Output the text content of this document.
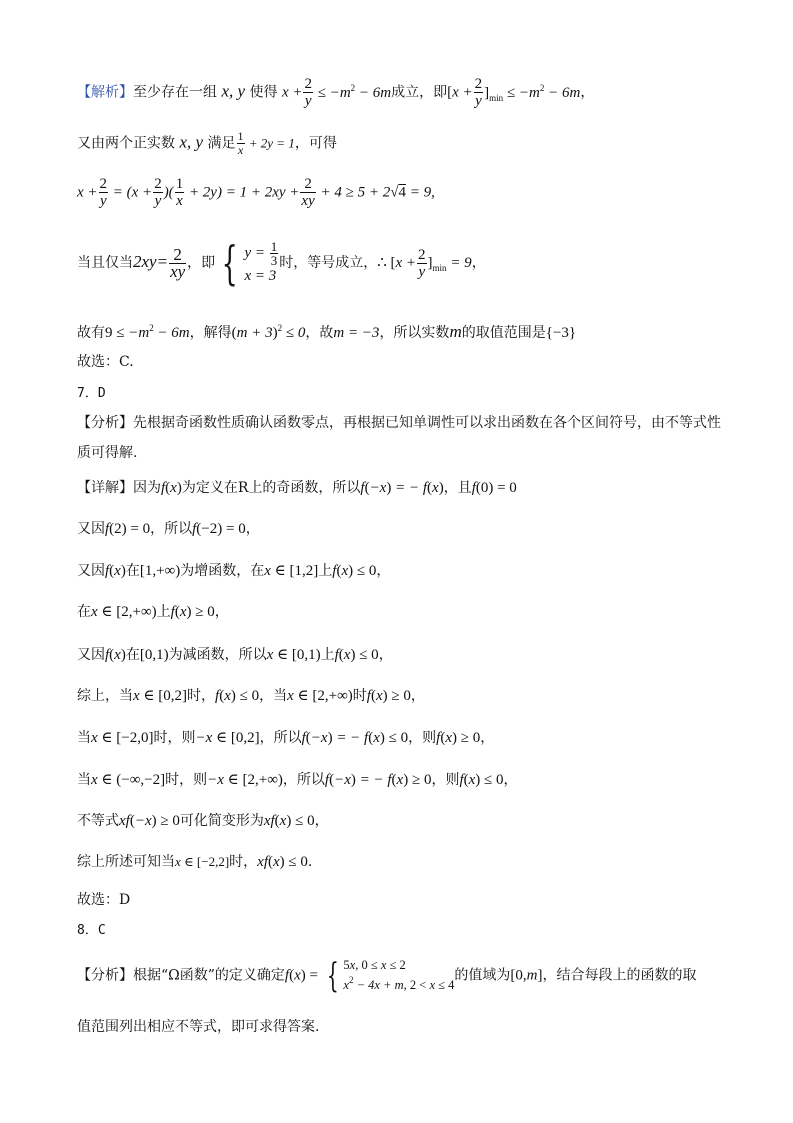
【解析】至少存在一组 x, y 使得 $x + \frac{2}{y} \le -m^2 - 6m$成立，即$[x + \frac{2}{y} ]_{min} \le -m^2 - 6m$，
又由两个正实数 x, y 满足 $\frac{1}{x} + 2y = 1$，可得
$x + \frac{2}{y} = (x + \frac{2}{y}$ )( $\frac{1}{x} + 2y) = 1 + 2xy + \frac{2}{xy} + 4 \ge 5 + 2√4 = 9$,
当且仅当$2xy= \frac{2}{xy}$ ，即 { $y = \frac{1}{3}$
x = 3
时，等号成立，∴ $[x + \frac{2}{y} ]_{min} = 9$，
故有$9 \le -m^2 - 6m$，解得$(m + 3)^2 \le 0$，故m = −3，所以实数m的取值范围是{−3}
故选：C.
7．D
【分析】先根据奇函数性质确认函数零点，再根据已知单调性可以求出函数在各个区间符号，由不等式性
质可得解.
【详解】因为f(x)为定义在R上的奇函数，所以f(−x) = − f(x)，且f(0) = 0
又因f(2) = 0，所以f(−2) = 0，
又因f(x)在[1,+∞)为增函数，在x ∈ [1,2]上f(x) ≤ 0，
在x ∈ [2,+∞)上f(x) ≥ 0，
又因f(x)在[0,1)为减函数，所以x ∈ [0,1)上f(x) ≤ 0，
综上，当x ∈ [0,2]时，f(x) ≤ 0，当x ∈ [2,+∞)时f(x) ≥ 0，
当x ∈ [−2,0]时，则−x ∈ [0,2]，所以f(−x) = − f(x) ≤ 0，则f(x) ≥ 0，
当x ∈ (−∞,−2]时，则−x ∈ [2,+∞)，所以f(−x) = − f(x) ≥ 0，则f(x) ≤ 0，
不等式xf(−x) ≥ 0可化简变形为xf(x) ≤ 0，
综上所述可知当x ∈ [−2,2]时，xf(x) ≤ 0.
故选：D
8．C
【分析】根据“Ω函数”的定义确定f(x) = { 5x, 0 ≤ x ≤ 2
$x^2 - 4x + m$, 2 < x ≤ 4
的值域为[0,m]，结合每段上的函数的取
值范围列出相应不等式，即可求得答案.
